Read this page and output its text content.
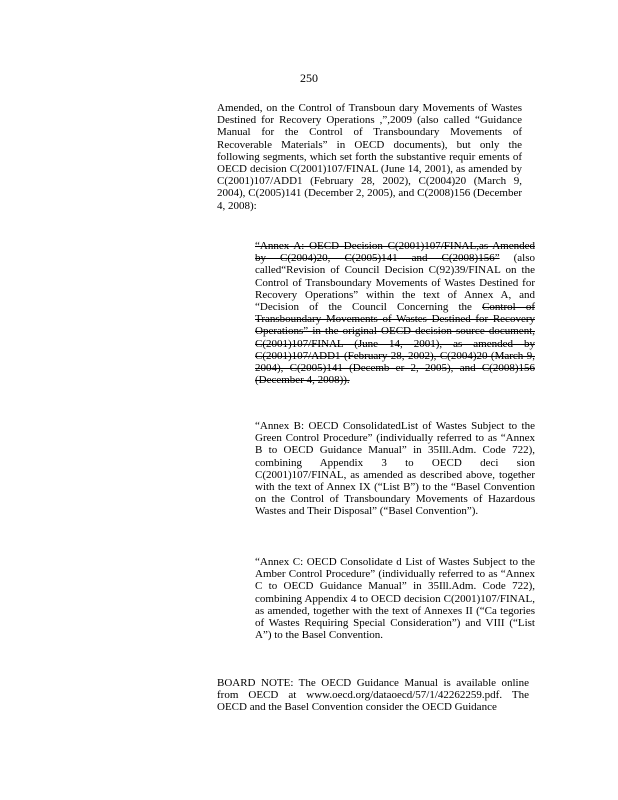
250

Amended, on the Control of Transboun dary Movements of Wastes Destined for Recovery Operations ,”,2009 (also called “Guidance Manual for the Control of Transboundary Movements of Recoverable Materials” in OECD documents), but only the following segments, which set forth the substantive requir ements of OECD decision C(2001)107/FINAL (June 14, 2001), as amended by C(2001)107/ADD1 (February 28, 2002), C(2004)20 (March 9, 2004), C(2005)141 (December 2, 2005), and C(2008)156 (December 4, 2008):

“Annex A: OECD Decision C(2001)107/FINAL,as Amended by C(2004)20, C(2005)141 and C(2008)156” (also called“Revision of Council Decision C(92)39/FINAL on the Control of Transboundary Movements of Wastes Destined for Recovery Operations” within the text of Annex A, and “Decision of the Council Concerning the Control of Transboundary Movements of Wastes Destined for Recovery Operations” in the original OECD decision source document, C(2001)107/FINAL (June 14, 2001), as amended by C(2001)107/ADD1 (February 28, 2002), C(2004)20 (March 9, 2004), C(2005)141 (Decemb er 2, 2005), and C(2008)156 (December 4, 2008)).

“Annex B: OECD ConsolidatedList of Wastes Subject to the Green Control Procedure” (individually referred to as “Annex B to OECD Guidance Manual” in 35Ill.Adm. Code 722), combining Appendix 3 to OECD deci sion C(2001)107/FINAL, as amended as described above, together with the text of Annex IX (“List B”) to the “Basel Convention on the Control of Transboundary Movements of Hazardous Wastes and Their Disposal” (“Basel Convention”).

“Annex C: OECD Consolidate d List of Wastes Subject to the Amber Control Procedure” (individually referred to as “Annex C to OECD Guidance Manual” in 35Ill.Adm. Code 722), combining Appendix 4 to OECD decision C(2001)107/FINAL, as amended, together with the text of Annexes II (“Ca tegories of Wastes Requiring Special Consideration”) and VIII (“List A”) to the Basel Convention.

BOARD NOTE: The OECD Guidance Manual is available online from OECD at www.oecd.org/dataoecd/57/1/42262259.pdf. The OECD and the Basel Convention consider the OECD Guidance
